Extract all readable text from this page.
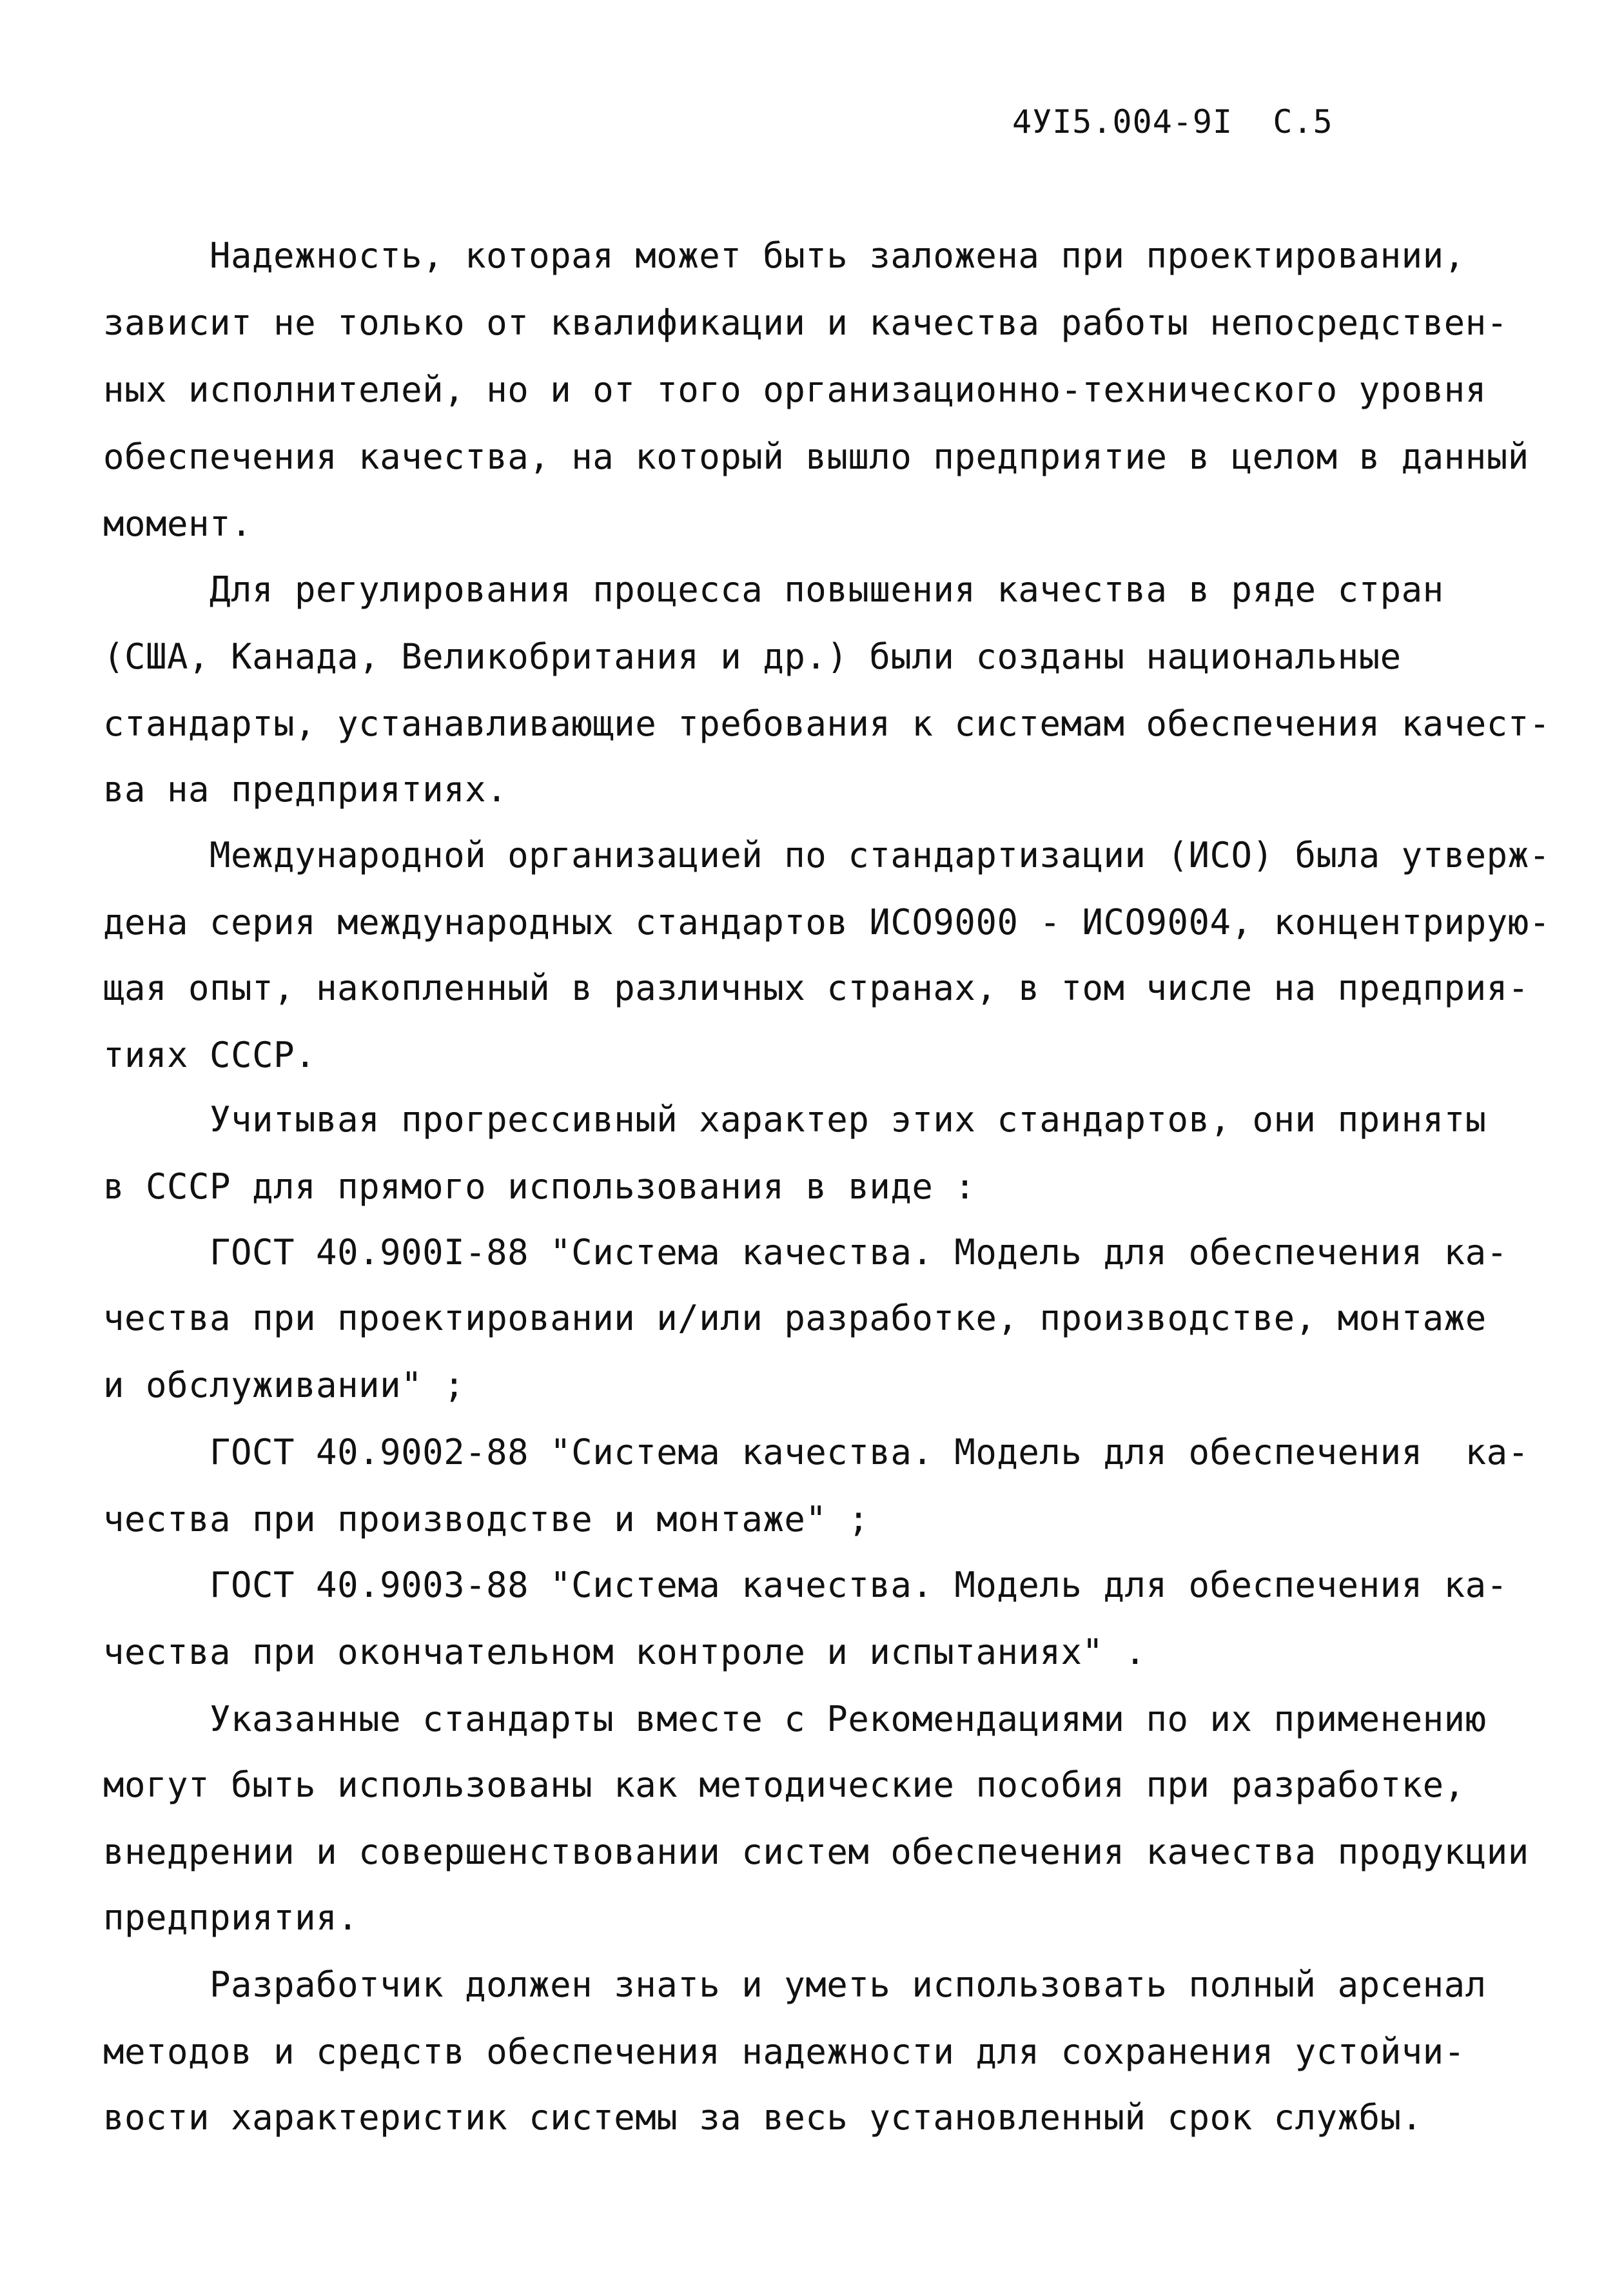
4УI5.004-9I С.5
Надежность, которая может быть заложена при проектировании,
зависит не только от квалификации и качества работы непосредствен-
ных исполнителей, но и от того организационно-технического уровня
обеспечения качества, на который вышло предприятие в целом в данный
момент.
Для регулирования процесса повышения качества в ряде стран
(США, Канада, Великобритания и др.) были созданы национальные
стандарты, устанавливающие требования к системам обеспечения качест-
ва на предприятиях.
Международной организацией по стандартизации (ИСО) была утверж-
дена серия международных стандартов ИСО9000 - ИСО9004, концентрирую-
щая опыт, накопленный в различных странах, в том числе на предприя-
тиях СССР.
Учитывая прогрессивный характер этих стандартов, они приняты
в СССР для прямого использования в виде :
ГОСТ 40.900I-88 "Система качества. Модель для обеспечения ка-
чества при проектировании и/или разработке, производстве, монтаже
и обслуживании" ;
ГОСТ 40.9002-88 "Система качества. Модель для обеспечения  ка-
чества при производстве и монтаже" ;
ГОСТ 40.9003-88 "Система качества. Модель для обеспечения ка-
чества при окончательном контроле и испытаниях" .
Указанные стандарты вместе с Рекомендациями по их применению
могут быть использованы как методические пособия при разработке,
внедрении и совершенствовании систем обеспечения качества продукции
предприятия.
Разработчик должен знать и уметь использовать полный арсенал
методов и средств обеспечения надежности для сохранения устойчи-
вости характеристик системы за весь установленный срок службы.
